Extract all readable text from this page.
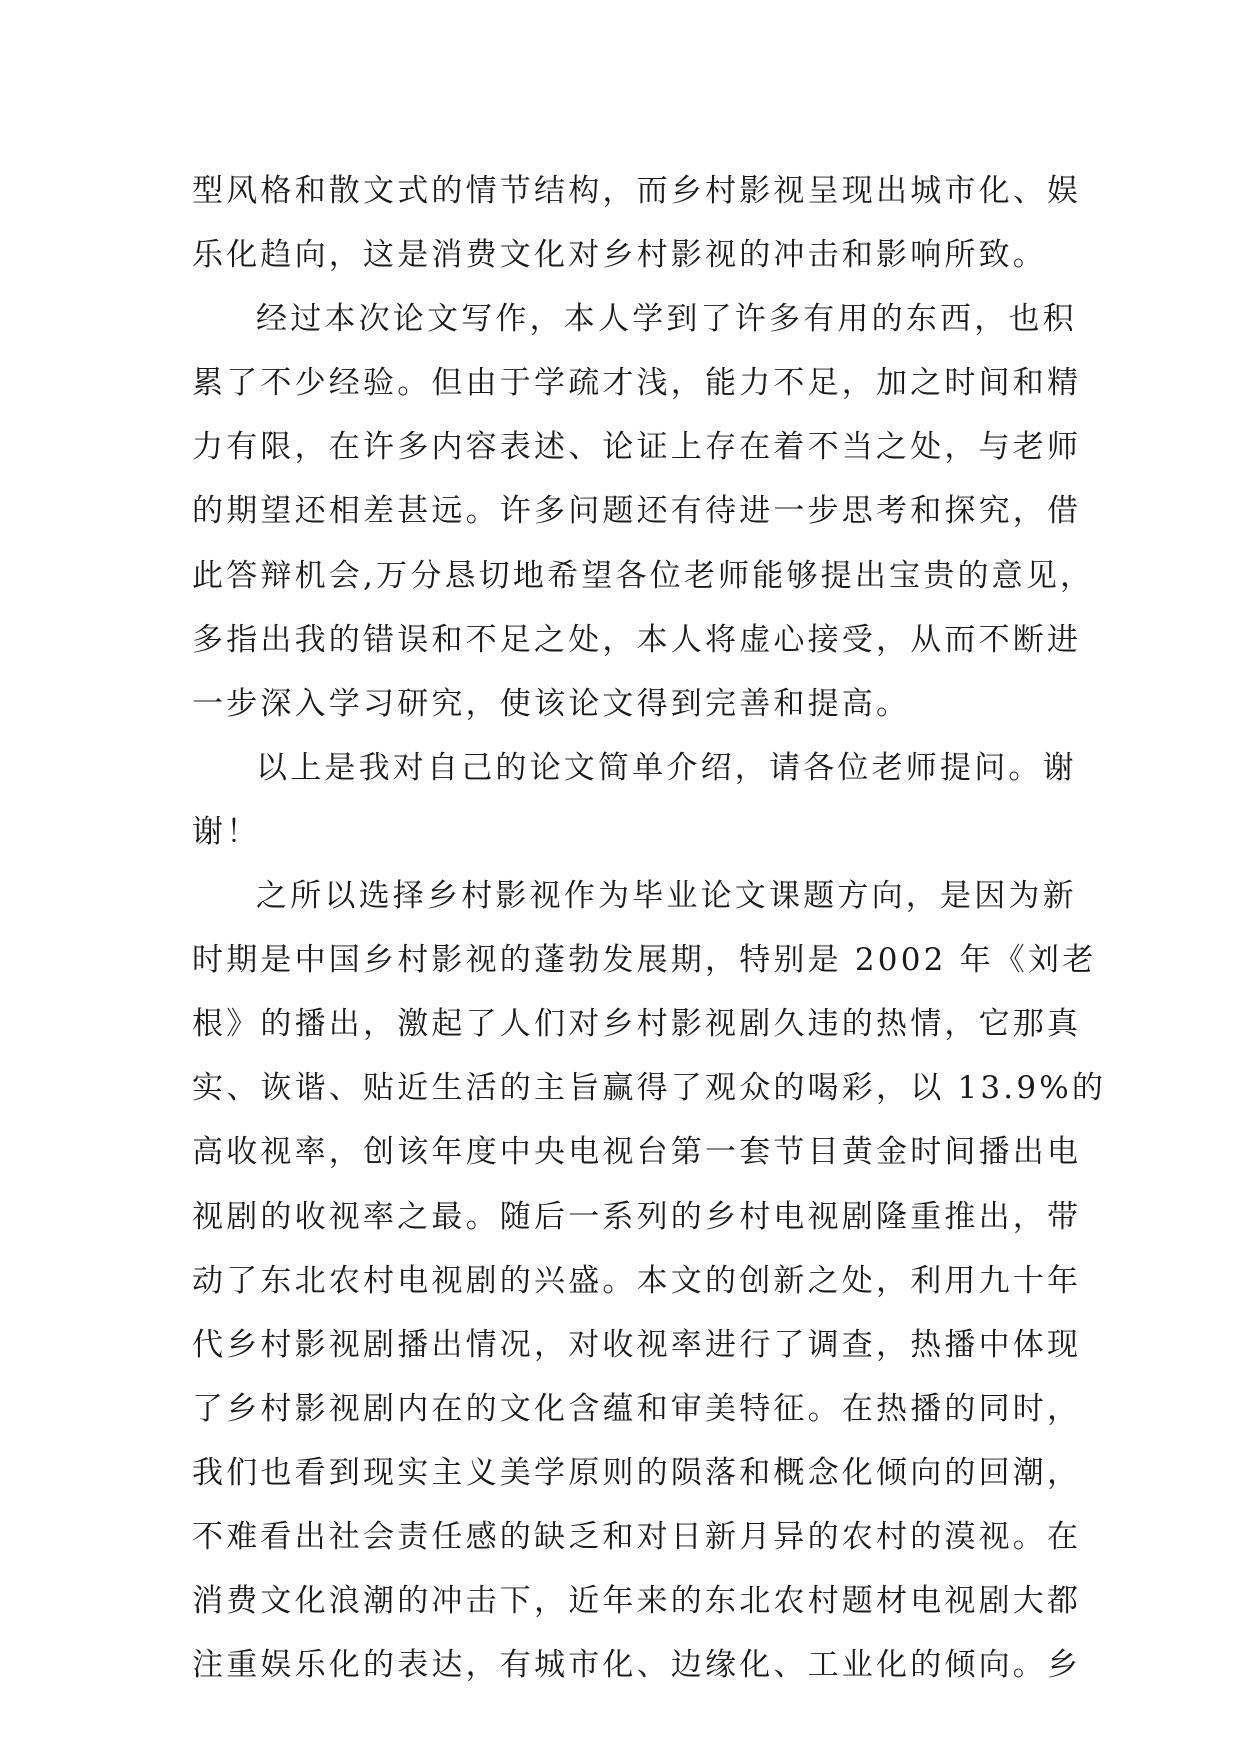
型风格和散文式的情节结构，而乡村影视呈现出城市化、娱
乐化趋向，这是消费文化对乡村影视的冲击和影响所致。
经过本次论文写作，本人学到了许多有用的东西，也积
累了不少经验。但由于学疏才浅，能力不足，加之时间和精
力有限，在许多内容表述、论证上存在着不当之处，与老师
的期望还相差甚远。许多问题还有待进一步思考和探究，借
此答辩机会,万分恳切地希望各位老师能够提出宝贵的意见，
多指出我的错误和不足之处，本人将虚心接受，从而不断进
一步深入学习研究，使该论文得到完善和提高。
以上是我对自己的论文简单介绍，请各位老师提问。谢
谢！
之所以选择乡村影视作为毕业论文课题方向，是因为新
时期是中国乡村影视的蓬勃发展期，特别是 2002 年《刘老
根》的播出，激起了人们对乡村影视剧久违的热情，它那真
实、诙谐、贴近生活的主旨赢得了观众的喝彩，以 13.9%的
高收视率，创该年度中央电视台第一套节目黄金时间播出电
视剧的收视率之最。随后一系列的乡村电视剧隆重推出，带
动了东北农村电视剧的兴盛。本文的创新之处，利用九十年
代乡村影视剧播出情况，对收视率进行了调查，热播中体现
了乡村影视剧内在的文化含蕴和审美特征。在热播的同时，
我们也看到现实主义美学原则的陨落和概念化倾向的回潮，
不难看出社会责任感的缺乏和对日新月异的农村的漠视。在
消费文化浪潮的冲击下，近年来的东北农村题材电视剧大都
注重娱乐化的表达，有城市化、边缘化、工业化的倾向。乡
